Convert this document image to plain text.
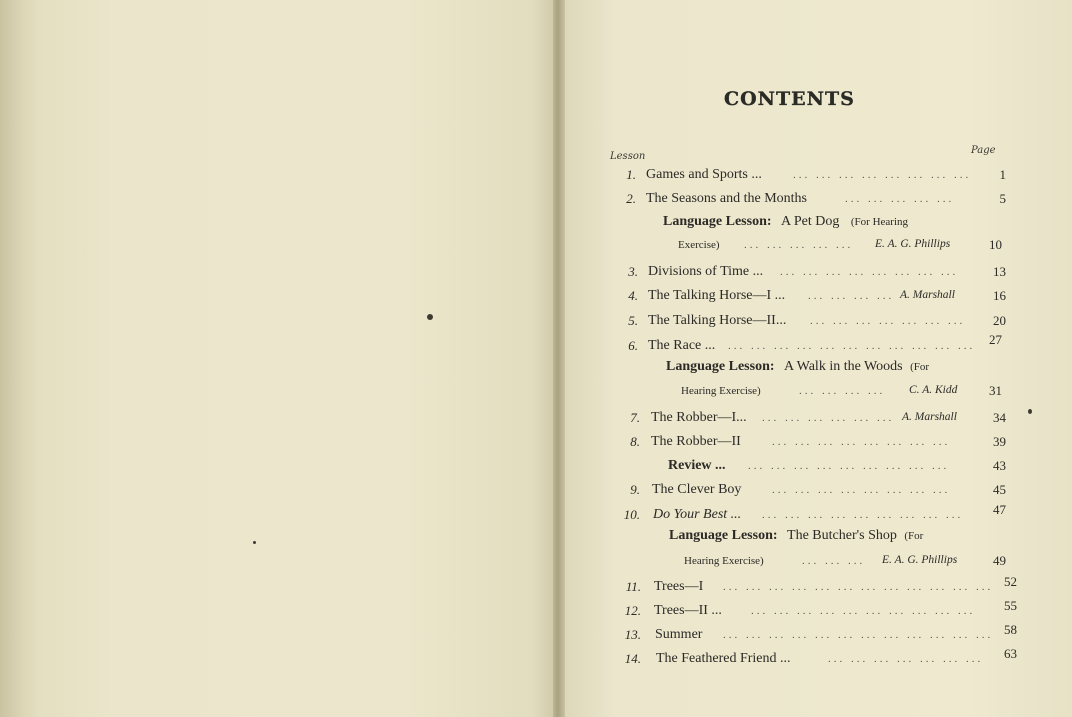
CONTENTS
Lesson
Page
1. Games and Sports ...	... ... ... ... ... ... ... ...	1
2. The Seasons and the Months	... ... ... ... ...	5
Language Lesson: A Pet Dog (For Hearing
Exercise) ... ... ... ... ... E. A. G. Phillips	10
3. Divisions of Time ... ... ... ... ... ... ... ... ...	13
4. The Talking Horse—I ... ... ... ... ... A. Marshall	16
5. The Talking Horse—II... ... ... ... ... ... ... ...	20
6. The Race ... ... ... ... ... ... ... ... ... ... ... ...	27
Language Lesson: A Walk in the Woods (For
Hearing Exercise)	... ... ... ... C. A. Kidd	31
7. The Robber—I... ... ... ... ... ... ... A. Marshall	34
8. The Robber—II	... ... ... ... ... ... ... ...	39
Review ... ... ... ... ... ... ... ... ... ...	43
9. The Clever Boy	... ... ... ... ... ... ... ...	45
10. Do Your Best ... ... ... ... ... ... ... ... ... ...	47
Language Lesson: The Butcher's Shop (For
Hearing Exercise)	... ... ... E. A. G. Phillips	49
11. Trees—I ... ... ... ... ... ... ... ... ... ... ... ... 52
12. Trees—II ...	... ... ... ... ... ... ... ... ... ...	55
13. Summer ... ... ... ... ... ... ... ... ... ... ... ... 58
14. The Feathered Friend ...	... ... ... ... ... ... ...	63
